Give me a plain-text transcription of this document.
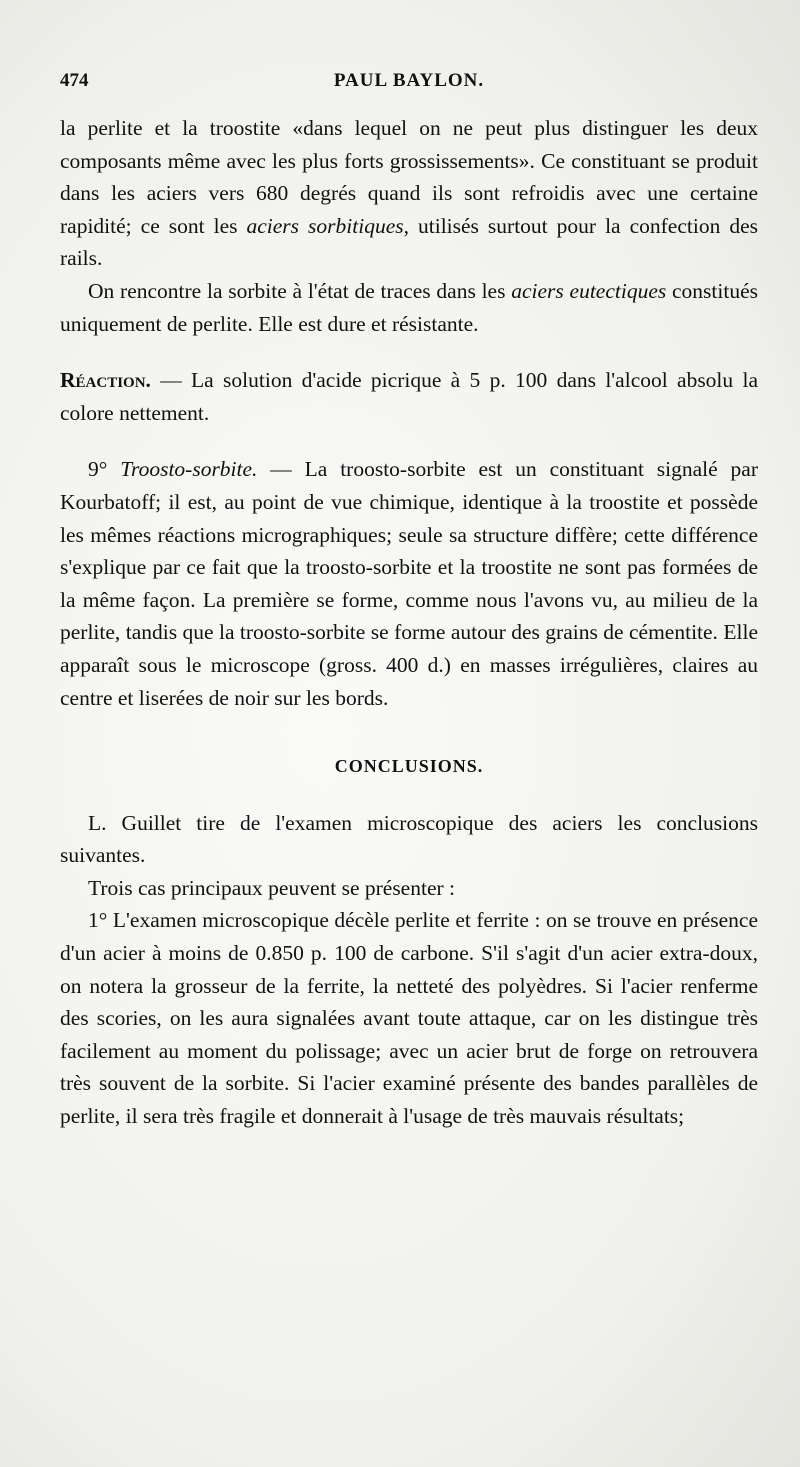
474	PAUL BAYLON.

la perlite et la troostite «dans lequel on ne peut plus distinguer les deux composants même avec les plus forts grossissements». Ce constituant se produit dans les aciers vers 680 degrés quand ils sont refroidis avec une certaine rapidité; ce sont les aciers sorbitiques, utilisés surtout pour la confection des rails.

On rencontre la sorbite à l'état de traces dans les aciers eutectiques constitués uniquement de perlite. Elle est dure et résistante.

Réaction. — La solution d'acide picrique à 5 p. 100 dans l'alcool absolu la colore nettement.

9° Troosto-sorbite. — La troosto-sorbite est un constituant signalé par Kourbatoff; il est, au point de vue chimique, identique à la troostite et possède les mêmes réactions micrographiques; seule sa structure diffère; cette différence s'explique par ce fait que la troosto-sorbite et la troostite ne sont pas formées de la même façon. La première se forme, comme nous l'avons vu, au milieu de la perlite, tandis que la troosto-sorbite se forme autour des grains de cémentite. Elle apparaît sous le microscope (gross. 400 d.) en masses irrégulières, claires au centre et liserées de noir sur les bords.

CONCLUSIONS.

L. Guillet tire de l'examen microscopique des aciers les conclusions suivantes.

Trois cas principaux peuvent se présenter :

1° L'examen microscopique décèle perlite et ferrite : on se trouve en présence d'un acier à moins de 0.850 p. 100 de carbone. S'il s'agit d'un acier extra-doux, on notera la grosseur de la ferrite, la netteté des polyèdres. Si l'acier renferme des scories, on les aura signalées avant toute attaque, car on les distingue très facilement au moment du polissage; avec un acier brut de forge on retrouvera très souvent de la sorbite. Si l'acier examiné présente des bandes parallèles de perlite, il sera très fragile et donnerait à l'usage de très mauvais résultats;
